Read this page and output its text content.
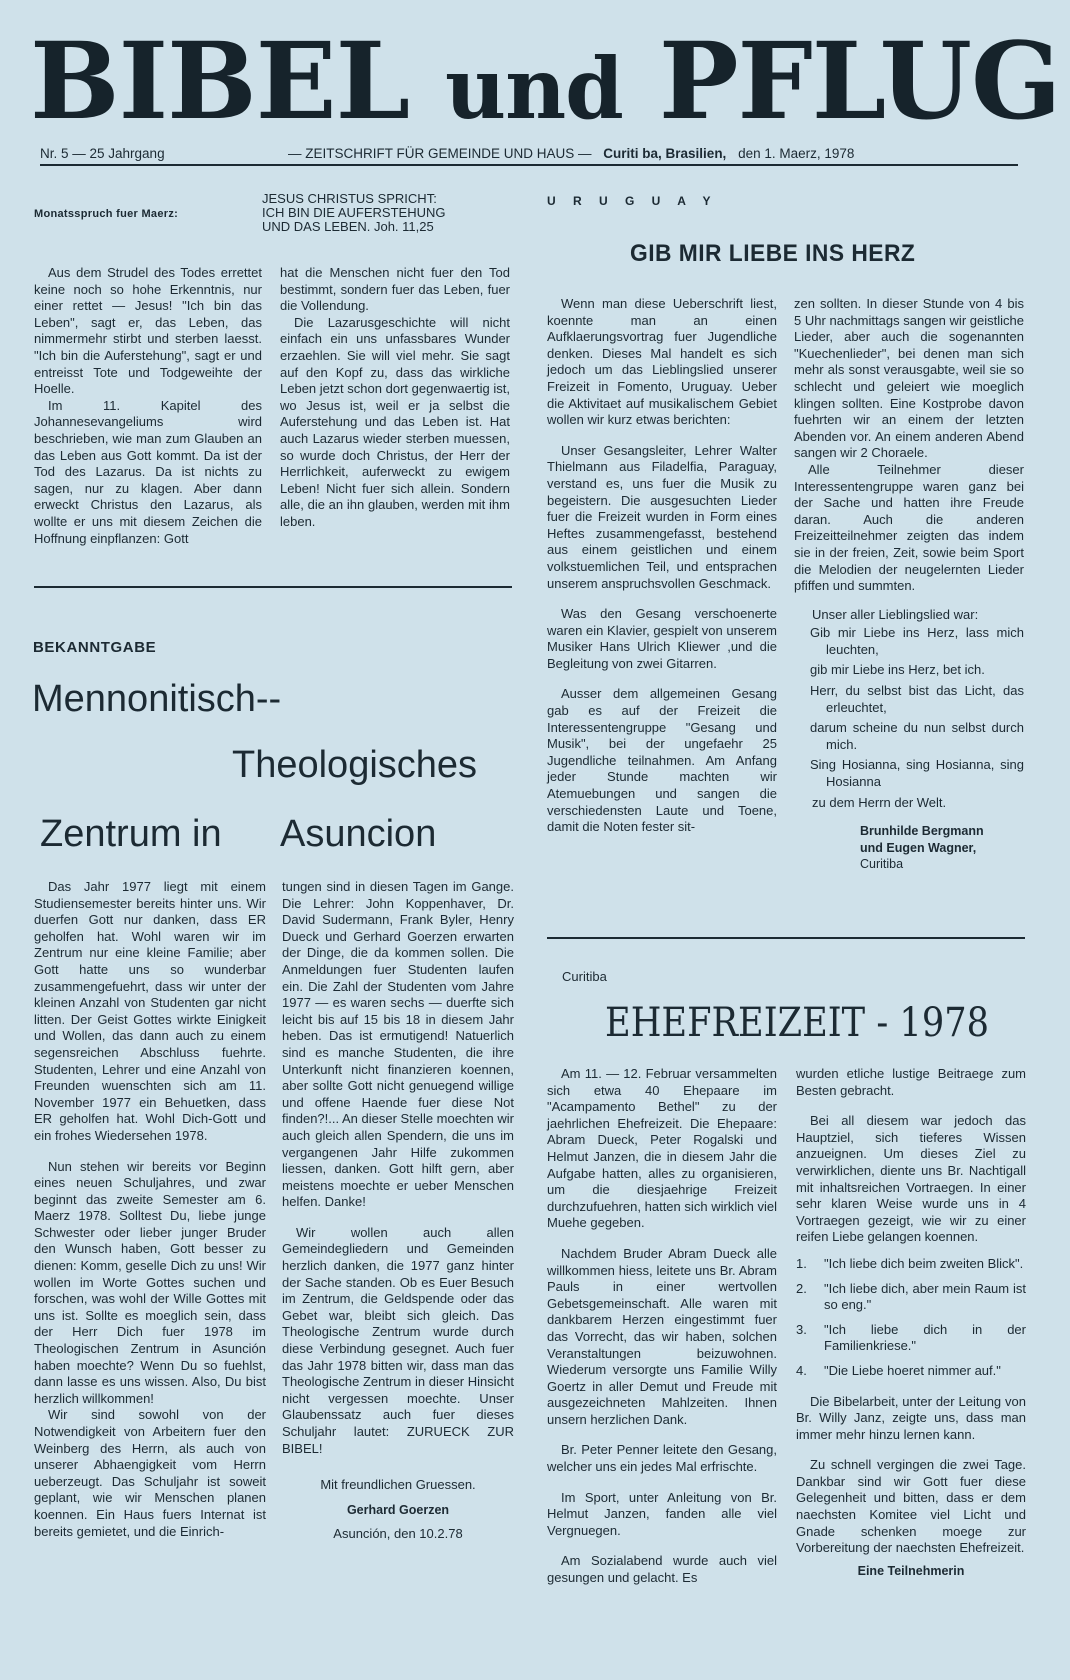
BIBEL und PFLUG
Nr. 5 — 25 Jahrgang	— ZEITSCHRIFT FÜR GEMEINDE UND HAUS — Curiti ba, Brasilien, den 1. Maerz, 1978
Monatsspruch fuer Maerz:
JESUS CHRISTUS SPRICHT:
ICH BIN DIE AUFERSTEHUNG
UND DAS LEBEN. Joh. 11,25

Aus dem Strudel des Todes errettet keine noch so hohe Erkenntnis, nur einer rettet — Jesus! "Ich bin das Leben", sagt er, das Leben, das nimmermehr stirbt und sterben laesst. "Ich bin die Auferstehung", sagt er und entreisst Tote und Todgeweihte der Hoelle.

Im 11. Kapitel des Johannesevangeliums wird beschrieben, wie man zum Glauben an das Leben aus Gott kommt. Da ist der Tod des Lazarus. Da ist nichts zu sagen, nur zu klagen. Aber dann erweckt Christus den Lazarus, als wollte er uns mit diesem Zeichen die Hoffnung einpflanzen: Gott

hat die Menschen nicht fuer den Tod bestimmt, sondern fuer das Leben, fuer die Vollendung.

Die Lazarusgeschichte will nicht einfach ein uns unfassbares Wunder erzaehlen. Sie will viel mehr. Sie sagt auf den Kopf zu, dass das wirkliche Leben jetzt schon dort gegenwaertig ist, wo Jesus ist, weil er ja selbst die Auferstehung und das Leben ist. Hat auch Lazarus wieder sterben muessen, so wurde doch Christus, der Herr der Herrlichkeit, auferweckt zu ewigem Leben! Nicht fuer sich allein. Sondern alle, die an ihn glauben, werden mit ihm leben.

BEKANNTGABE
Mennonitisch--
Theologisches
Zentrum in Asuncion

Das Jahr 1977 liegt mit einem Studiensemester bereits hinter uns. Wir duerfen Gott nur danken, dass ER geholfen hat. Wohl waren wir im Zentrum nur eine kleine Familie; aber Gott hatte uns so wunderbar zusammengefuehrt, dass wir unter der kleinen Anzahl von Studenten gar nicht litten. Der Geist Gottes wirkte Einigkeit und Wollen, das dann auch zu einem segensreichen Abschluss fuehrte. Studenten, Lehrer und eine Anzahl von Freunden wuenschten sich am 11. November 1977 ein Behuetken, dass ER geholfen hat. Wohl Dich-Gott und ein frohes Wiedersehen 1978.

Nun stehen wir bereits vor Beginn eines neuen Schuljahres, und zwar beginnt das zweite Semester am 6. Maerz 1978. Solltest Du, liebe junge Schwester oder lieber junger Bruder den Wunsch haben, Gott besser zu dienen: Komm, geselle Dich zu uns! Wir wollen im Worte Gottes suchen und forschen, was wohl der Wille Gottes mit uns ist. Sollte es moeglich sein, dass der Herr Dich fuer 1978 im Theologischen Zentrum in Asunción haben moechte? Wenn Du so fuehlst, dann lasse es uns wissen. Also, Du bist herzlich willkommen!

Wir sind sowohl von der Notwendigkeit von Arbeitern fuer den Weinberg des Herrn, als auch von unserer Abhaengigkeit vom Herrn ueberzeugt. Das Schuljahr ist soweit geplant, wie wir Menschen planen koennen. Ein Haus fuers Internat ist bereits gemietet, und die Einrich-

tungen sind in diesen Tagen im Gange. Die Lehrer: John Koppenhaver, Dr. David Sudermann, Frank Byler, Henry Dueck und Gerhard Goerzen erwarten der Dinge, die da kommen sollen. Die Anmeldungen fuer Studenten laufen ein. Die Zahl der Studenten vom Jahre 1977 — es waren sechs — duerfte sich leicht bis auf 15 bis 18 in diesem Jahr heben. Das ist ermutigend! Natuerlich sind es manche Studenten, die ihre Unterkunft nicht finanzieren koennen, aber sollte Gott nicht genuegend willige und offene Haende fuer diese Not finden?!... An dieser Stelle moechten wir auch gleich allen Spendern, die uns im vergangenen Jahr Hilfe zukommen liessen, danken. Gott hilft gern, aber meistens moechte er ueber Menschen helfen. Danke!

Wir wollen auch allen Gemeindegliedern und Gemeinden herzlich danken, die 1977 ganz hinter der Sache standen. Ob es Euer Besuch im Zentrum, die Geldspende oder das Gebet war, bleibt sich gleich. Das Theologische Zentrum wurde durch diese Verbindung gesegnet. Auch fuer das Jahr 1978 bitten wir, dass man das Theologische Zentrum in dieser Hinsicht nicht vergessen moechte. Unser Glaubenssatz auch fuer dieses Schuljahr lautet: ZURUECK ZUR BIBEL!

Mit freundlichen Gruessen.

Gerhard Goerzen

Asunción, den 10.2.78

U R U G U A Y
GIB MIR LIEBE INS HERZ

Wenn man diese Ueberschrift liest, koennte man an einen Aufklaerungsvortrag fuer Jugendliche denken. Dieses Mal handelt es sich jedoch um das Lieblingslied unserer Freizeit in Fomento, Uruguay. Ueber die Aktivitaet auf musikalischem Gebiet wollen wir kurz etwas berichten:

Unser Gesangsleiter, Lehrer Walter Thielmann aus Filadelfia, Paraguay, verstand es, uns fuer die Musik zu begeistern. Die ausgesuchten Lieder fuer die Freizeit wurden in Form eines Heftes zusammengefasst, bestehend aus einem geistlichen und einem volkstuemlichen Teil, und entsprachen unserem anspruchsvollen Geschmack.

Was den Gesang verschoenerte waren ein Klavier, gespielt von unserem Musiker Hans Ulrich Kliewer ,und die Begleitung von zwei Gitarren.

Ausser dem allgemeinen Gesang gab es auf der Freizeit die Interessentengruppe "Gesang und Musik", bei der ungefaehr 25 Jugendliche teilnahmen. Am Anfang jeder Stunde machten wir Atemuebungen und sangen die verschiedensten Laute und Toene, damit die Noten fester sit-

zen sollten. In dieser Stunde von 4 bis 5 Uhr nachmittags sangen wir geistliche Lieder, aber auch die sogenannten "Kuechenlieder", bei denen man sich mehr als sonst verausgabte, weil sie so schlecht und geleiert wie moeglich klingen sollten. Eine Kostprobe davon fuehrten wir an einem der letzten Abenden vor. An einem anderen Abend sangen wir 2 Choraele.

Alle Teilnehmer dieser Interessentengruppe waren ganz bei der Sache und hatten ihre Freude daran. Auch die anderen Freizeitteilnehmer zeigten das indem sie in der freien, Zeit, sowie beim Sport die Melodien der neugelernten Lieder pfiffen und summten.

Unser aller Lieblingslied war:

Gib mir Liebe ins Herz, lass mich leuchten,

gib mir Liebe ins Herz, bet ich.

Herr, du selbst bist das Licht, das erleuchtet,

darum scheine du nun selbst durch mich.

Sing Hosianna, sing Hosianna, sing Hosianna

zu dem Herrn der Welt.

Brunhilde Bergmann
und Eugen Wagner,
Curitiba
Curitiba
EHEFREIZEIT - 1978

Am 11. — 12. Februar versammelten sich etwa 40 Ehepaare im "Acampamento Bethel" zu der jaehrlichen Ehefreizeit. Die Ehepaare: Abram Dueck, Peter Rogalski und Helmut Janzen, die in diesem Jahr die Aufgabe hatten, alles zu organisieren, um die diesjaehrige Freizeit durchzufuehren, hatten sich wirklich viel Muehe gegeben.

Nachdem Bruder Abram Dueck alle willkommen hiess, leitete uns Br. Abram Pauls in einer wertvollen Gebetsgemeinschaft. Alle waren mit dankbarem Herzen eingestimmt fuer das Vorrecht, das wir haben, solchen Veranstaltungen beizuwohnen. Wiederum versorgte uns Familie Willy Goertz in aller Demut und Freude mit ausgezeichneten Mahlzeiten. Ihnen unsern herzlichen Dank.

Br. Peter Penner leitete den Gesang, welcher uns ein jedes Mal erfrischte.

Im Sport, unter Anleitung von Br. Helmut Janzen, fanden alle viel Vergnuegen.

Am Sozialabend wurde auch viel gesungen und gelacht. Es

wurden etliche lustige Beitraege zum Besten gebracht.

Bei all diesem war jedoch das Hauptziel, sich tieferes Wissen anzueignen. Um dieses Ziel zu verwirklichen, diente uns Br. Nachtigall mit inhaltsreichen Vortraegen. In einer sehr klaren Weise wurde uns in 4 Vortraegen gezeigt, wie wir zu einer reifen Liebe gelangen koennen.

1.	"Ich liebe dich beim zweiten Blick".
2.	"Ich liebe dich, aber mein Raum ist so eng."
3.	"Ich liebe dich in der Familienkriese."
4.	"Die Liebe hoeret nimmer auf."

Die Bibelarbeit, unter der Leitung von Br. Willy Janz, zeigte uns, dass man immer mehr hinzu lernen kann.

Zu schnell vergingen die zwei Tage. Dankbar sind wir Gott fuer diese Gelegenheit und bitten, dass er dem naechsten Komitee viel Licht und Gnade schenken moege zur Vorbereitung der naechsten Ehefreizeit.

Eine Teilnehmerin
